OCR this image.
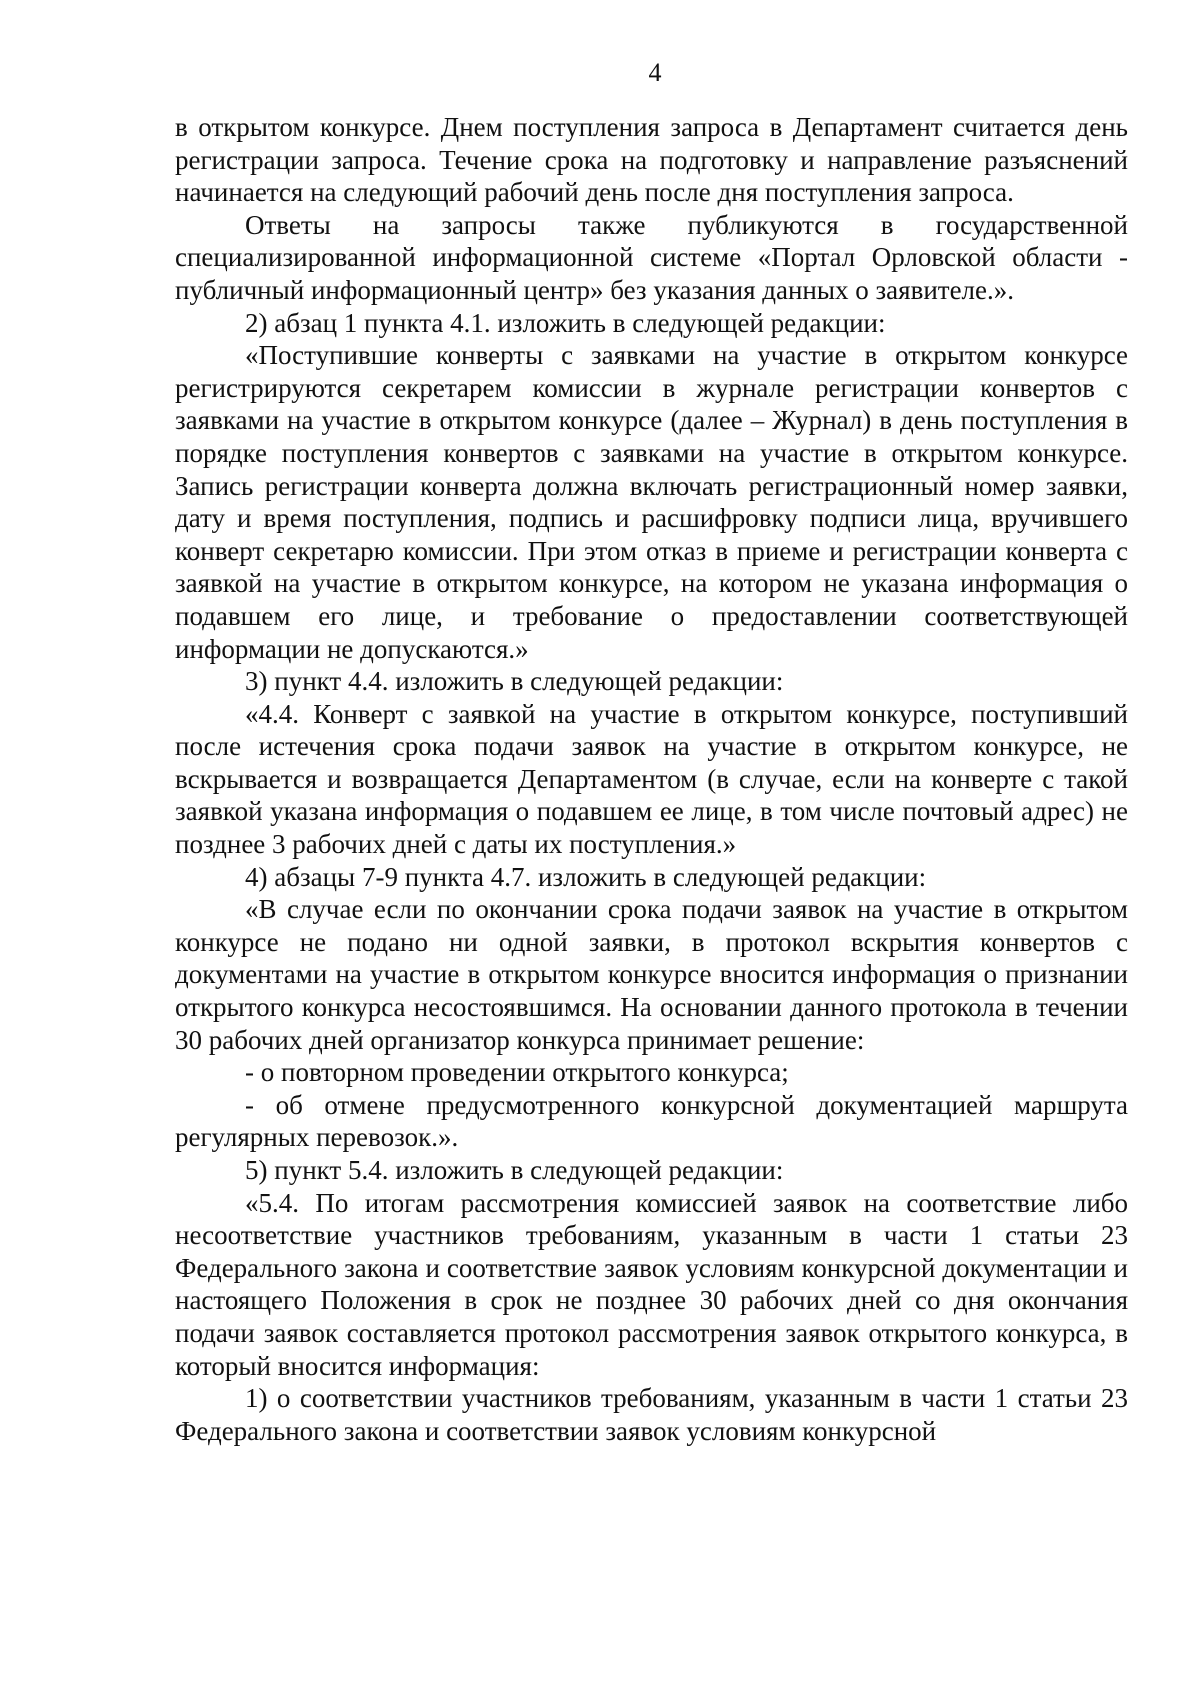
4

в открытом конкурсе. Днем поступления запроса в Департамент считается день регистрации запроса. Течение срока на подготовку и направление разъяснений начинается на следующий рабочий день после дня поступления запроса.

Ответы на запросы также публикуются в государственной специализированной информационной системе «Портал Орловской области - публичный информационный центр» без указания данных о заявителе.».

2) абзац 1 пункта 4.1. изложить в следующей редакции:

«Поступившие конверты с заявками на участие в открытом конкурсе регистрируются секретарем комиссии в журнале регистрации конвертов с заявками на участие в открытом конкурсе (далее – Журнал) в день поступления в порядке поступления конвертов с заявками на участие в открытом конкурсе. Запись регистрации конверта должна включать регистрационный номер заявки, дату и время поступления, подпись и расшифровку подписи лица, вручившего конверт секретарю комиссии. При этом отказ в приеме и регистрации конверта с заявкой на участие в открытом конкурсе, на котором не указана информация о подавшем его лице, и требование о предоставлении соответствующей информации не допускаются.»

3) пункт 4.4. изложить в следующей редакции:

«4.4. Конверт с заявкой на участие в открытом конкурсе, поступивший после истечения срока подачи заявок на участие в открытом конкурсе, не вскрывается и возвращается Департаментом (в случае, если на конверте с такой заявкой указана информация о подавшем ее лице, в том числе почтовый адрес) не позднее 3 рабочих дней с даты их поступления.»

4) абзацы 7-9 пункта 4.7. изложить в следующей редакции:

«В случае если по окончании срока подачи заявок на участие в открытом конкурсе не подано ни одной заявки, в протокол вскрытия конвертов с документами на участие в открытом конкурсе вносится информация о признании открытого конкурса несостоявшимся. На основании данного протокола в течении 30 рабочих дней организатор конкурса принимает решение:

- о повторном проведении открытого конкурса;

- об отмене предусмотренного конкурсной документацией маршрута регулярных перевозок.».

5) пункт 5.4. изложить в следующей редакции:

«5.4. По итогам рассмотрения комиссией заявок на соответствие либо несоответствие участников требованиям, указанным в части 1 статьи 23 Федерального закона и соответствие заявок условиям конкурсной документации и настоящего Положения в срок не позднее 30 рабочих дней со дня окончания подачи заявок составляется протокол рассмотрения заявок открытого конкурса, в который вносится информация:

1) о соответствии участников требованиям, указанным в части 1 статьи 23 Федерального закона и соответствии заявок условиям конкурсной
